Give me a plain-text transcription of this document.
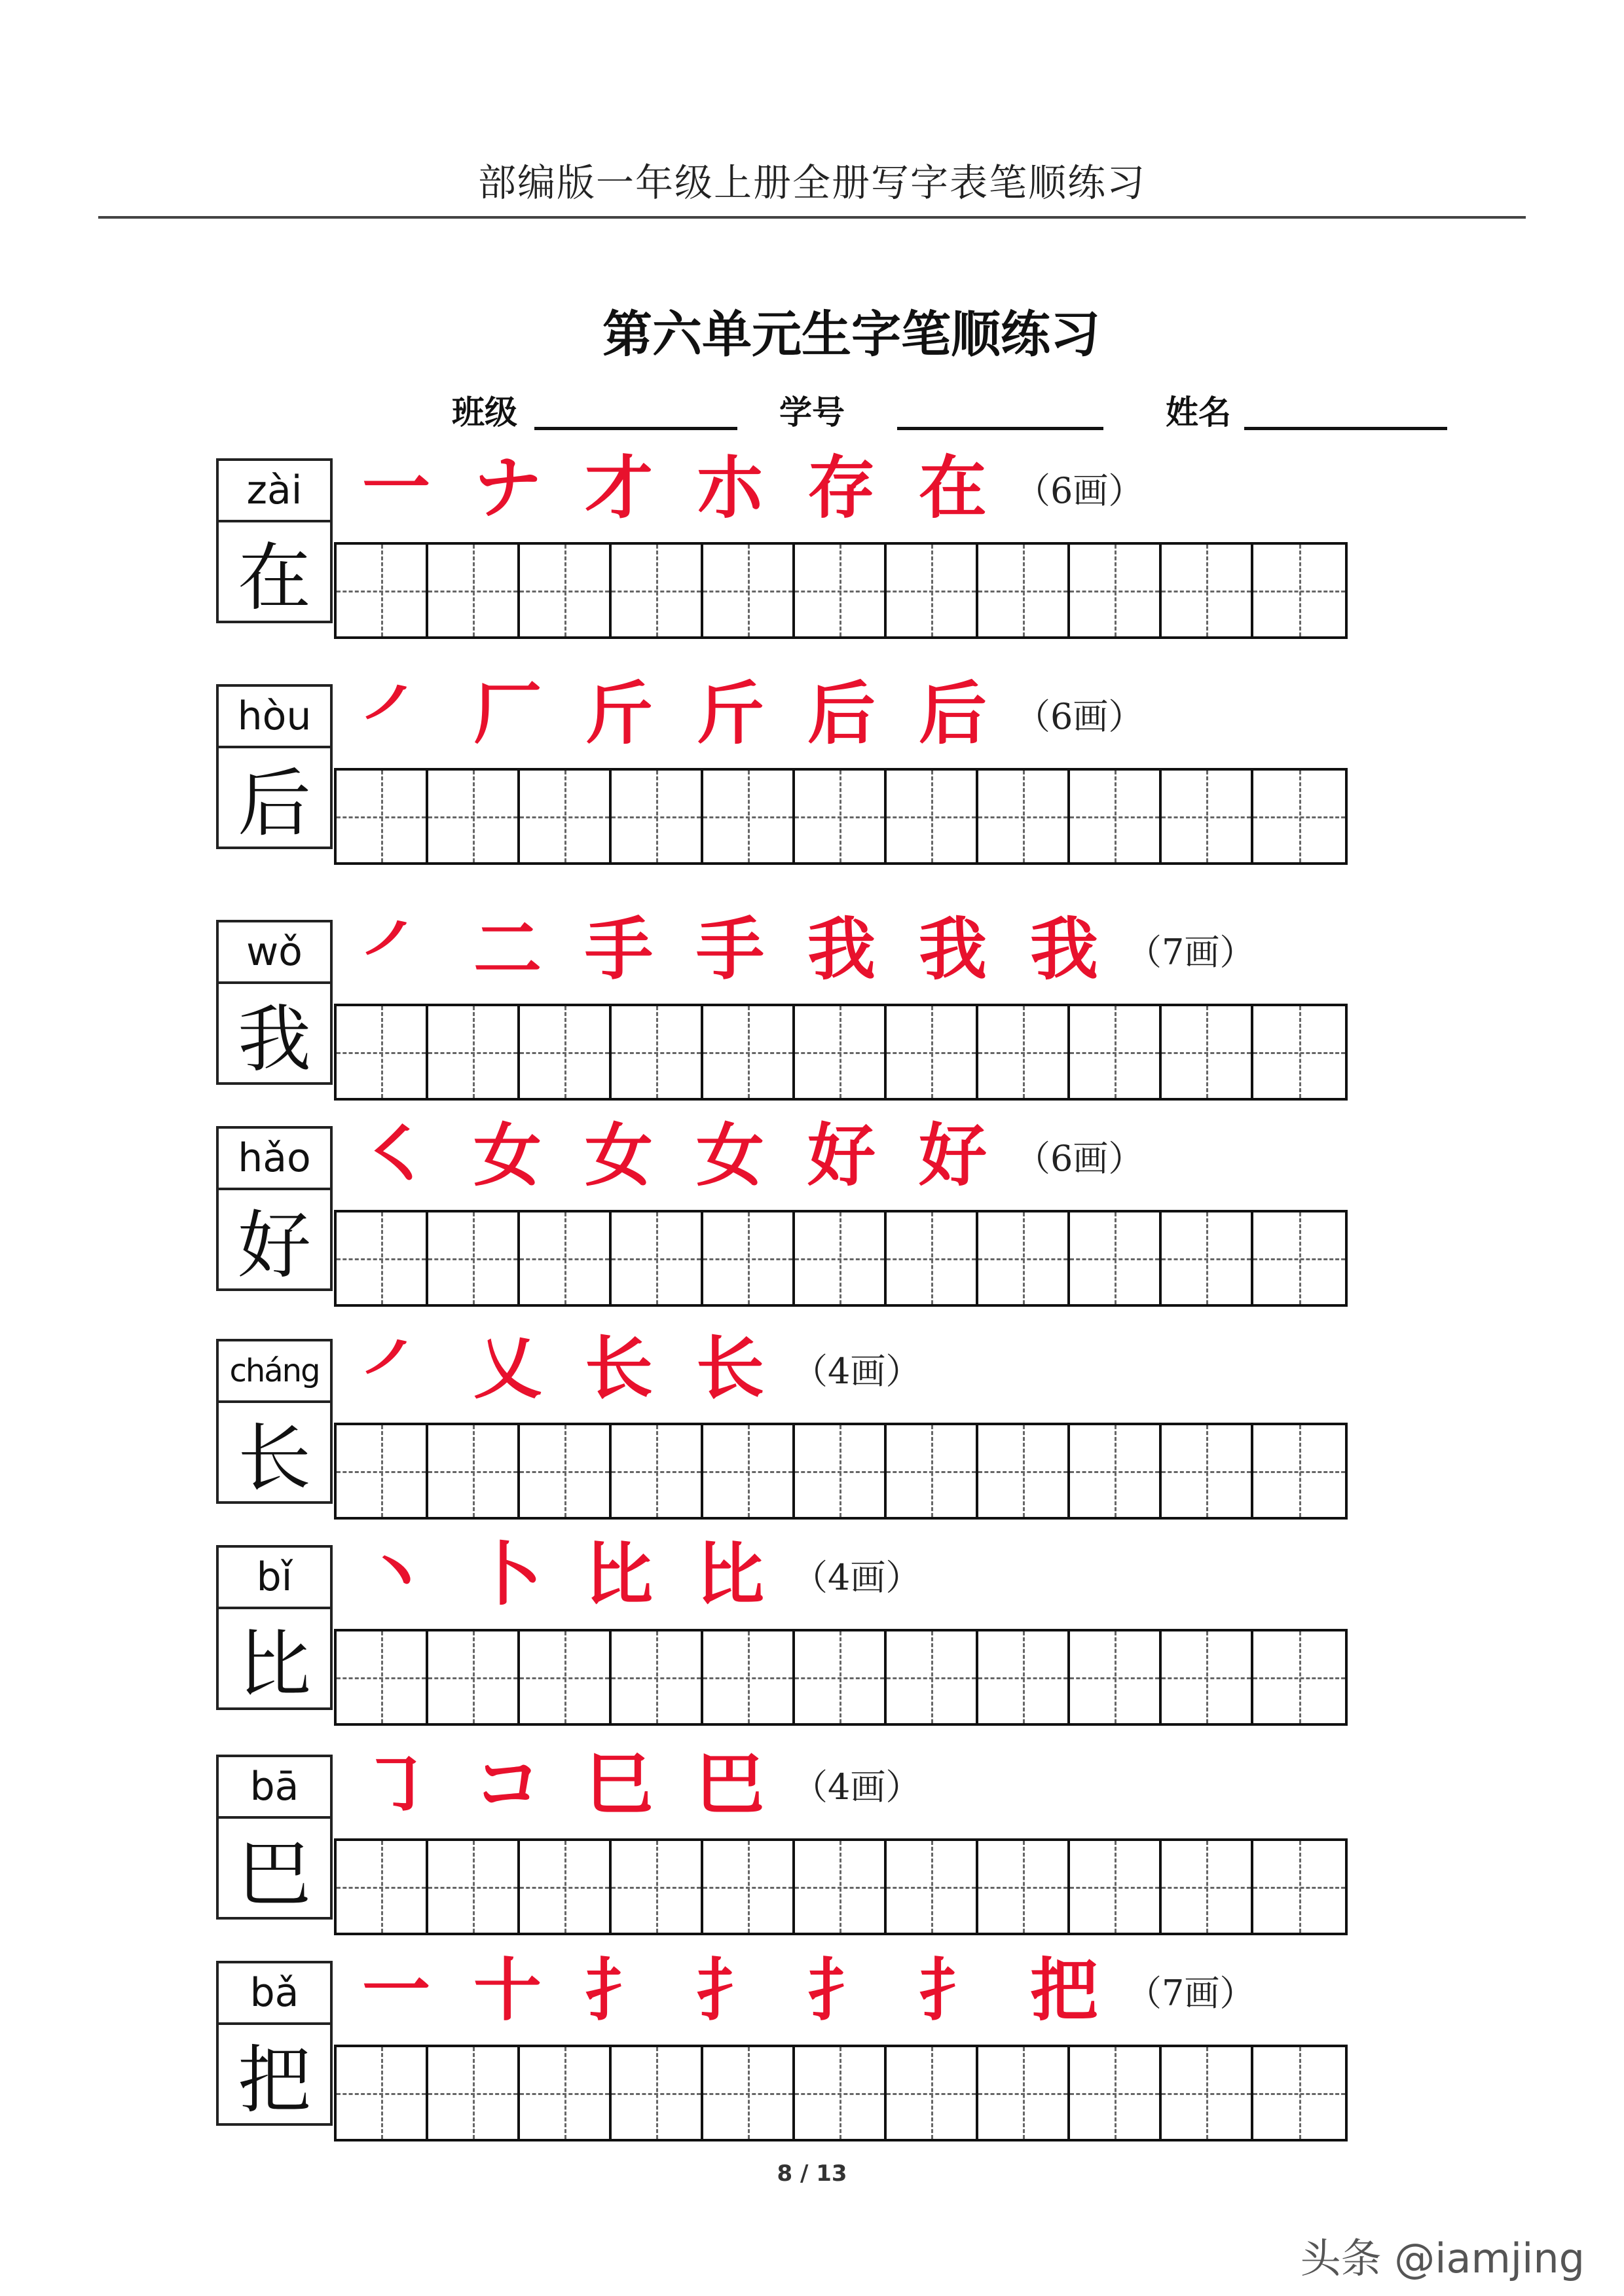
部编版一年级上册全册写字表笔顺练习
第六单元生字笔顺练习
班级	学号	姓名
zài
在
一 ナ 才 朩 存 在 （6画）
hòu
后
㇒ 厂 斤 斤 后 后 （6画）
wǒ
我
㇒ 二 手 手 我 我 我 （7画）
hǎo
好
㇛ 女 女 女 好 好 （6画）
cháng
长
㇒ 乂 长 长 （4画）
bǐ
比
丶 卜 比 比 （4画）
bā
巴
㇆ コ 巳 巴 （4画）
bǎ
把
一 十 扌 扌 扌 扌 把 （7画）
8 / 13
头条 @iamjing
